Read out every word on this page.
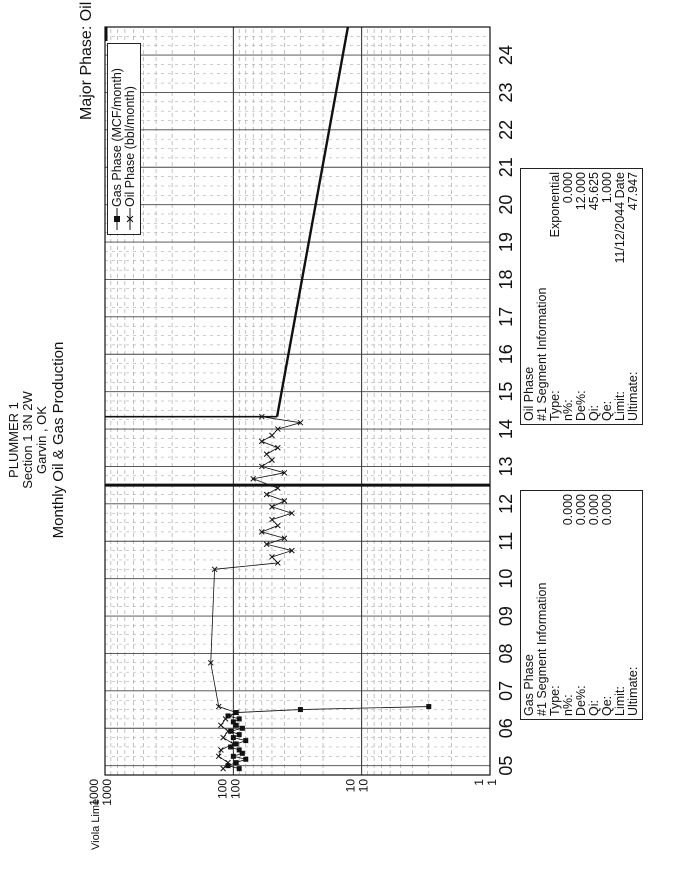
PLUMMER 1 Section 1 3N 2W Garvin , OK Monthly Oil & Gas Production
Viola Lime
Major Phase: Oil
05
06
07
08
09
10
11
12
13
14
15
16
17
18
19
20
21
22
23
24
1000
1000	100
100	10
10	1
1
Gas Phase (MCF/month) Oil Phase (bbl/month)
Gas Phase #1 Segment Information Type: n%:
0.000
De%:
0.000
Qi:
0.000
Qe:
0.000
Limit: Ultimate:
Oil Phase #1 Segment Information Type:
Exponential
n%:
0.000
De%:
12.000
Qi:
45.625
Qe:
1.000
Limit:
11/12/2044 Date
Ultimate:
47.947
